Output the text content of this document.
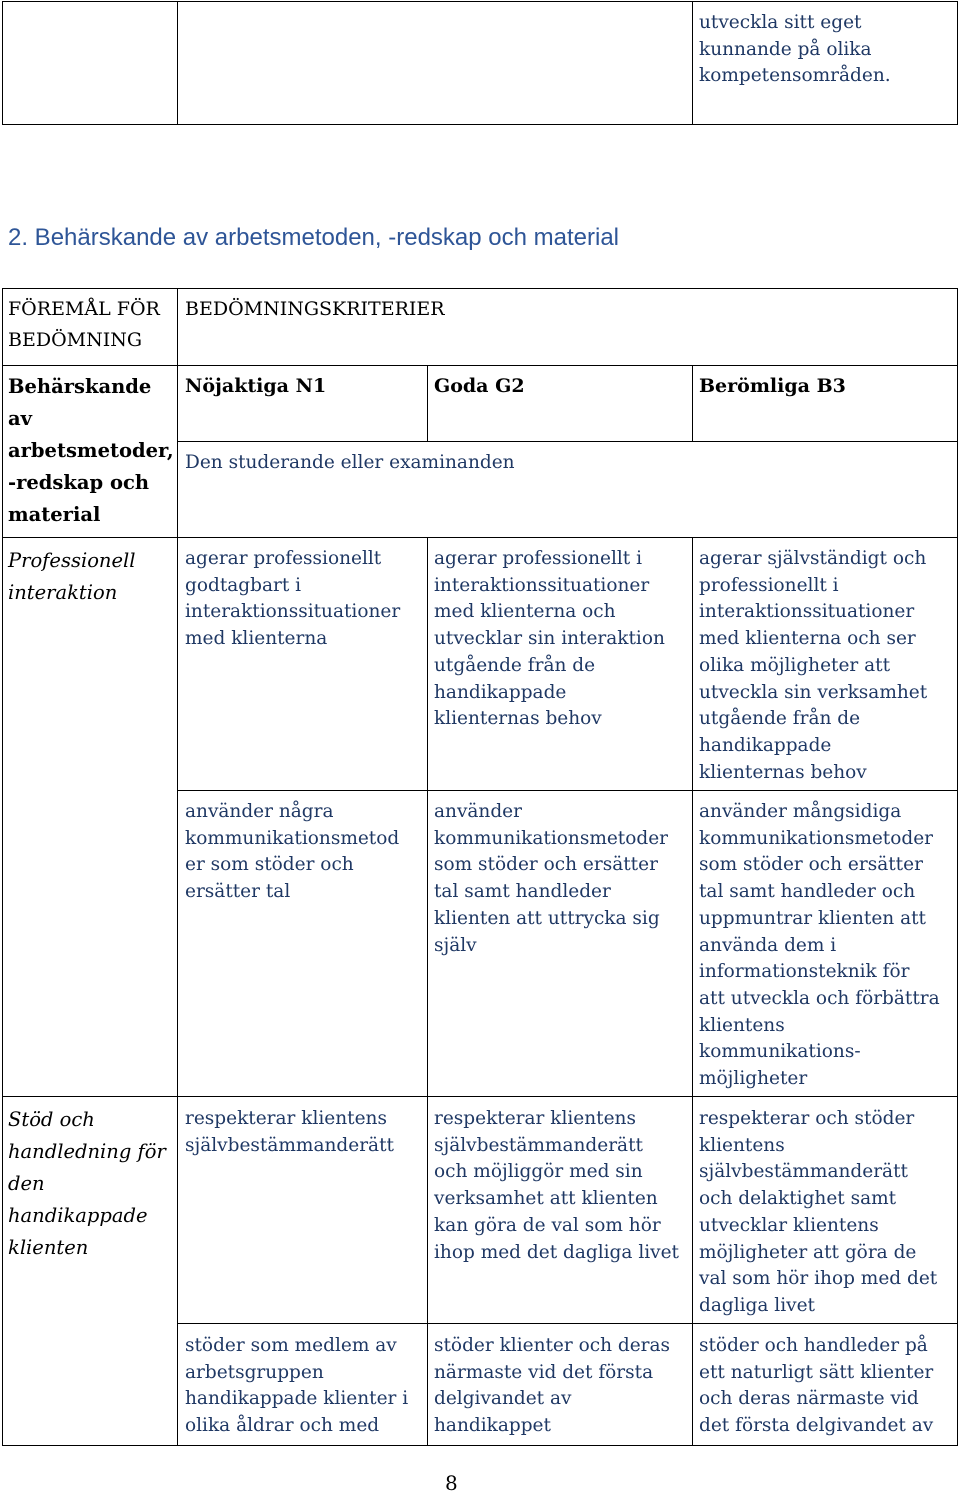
utveckla sitt eget
kunnande på olika
kompetensområden.
2. Behärskande av arbetsmetoden, -redskap och material
FÖREMÅL FÖR
BEDÖMNING
BEDÖMNINGSKRITERIER
Behärskande
av
arbetsmetoder,
-redskap och
material
Nöjaktiga N1	Goda G2	Berömliga B3
Den studerande eller examinanden
Professionell
interaktion
agerar professionellt
godtagbart i
interaktionssituationer
med klienterna
agerar professionellt i
interaktionssituationer
med klienterna och
utvecklar sin interaktion
utgående från de
handikappade
klienternas behov
agerar självständigt och
professionellt i
interaktionssituationer
med klienterna och ser
olika möjligheter att
utveckla sin verksamhet
utgående från de
handikappade
klienternas behov
använder några
kommunikationsmetod
er som stöder och
ersätter tal
använder
kommunikationsmetoder
som stöder och ersätter
tal samt handleder
klienten att uttrycka sig
själv
använder mångsidiga
kommunikationsmetoder
som stöder och ersätter
tal samt handleder och
uppmuntrar klienten att
använda dem i
informationsteknik för
att utveckla och förbättra
klientens
kommunikations-
möjligheter
Stöd och
handledning för
den
handikappade
klienten
respekterar klientens
självbestämmanderätt
respekterar klientens
självbestämmanderätt
och möjliggör med sin
verksamhet att klienten
kan göra de val som hör
ihop med det dagliga livet
respekterar och stöder
klientens
självbestämmanderätt
och delaktighet samt
utvecklar klientens
möjligheter att göra de
val som hör ihop med det
dagliga livet
stöder som medlem av
arbetsgruppen
handikappade klienter i
olika åldrar och med
stöder klienter och deras
närmaste vid det första
delgivandet av
handikappet
stöder och handleder på
ett naturligt sätt klienter
och deras närmaste vid
det första delgivandet av
8
